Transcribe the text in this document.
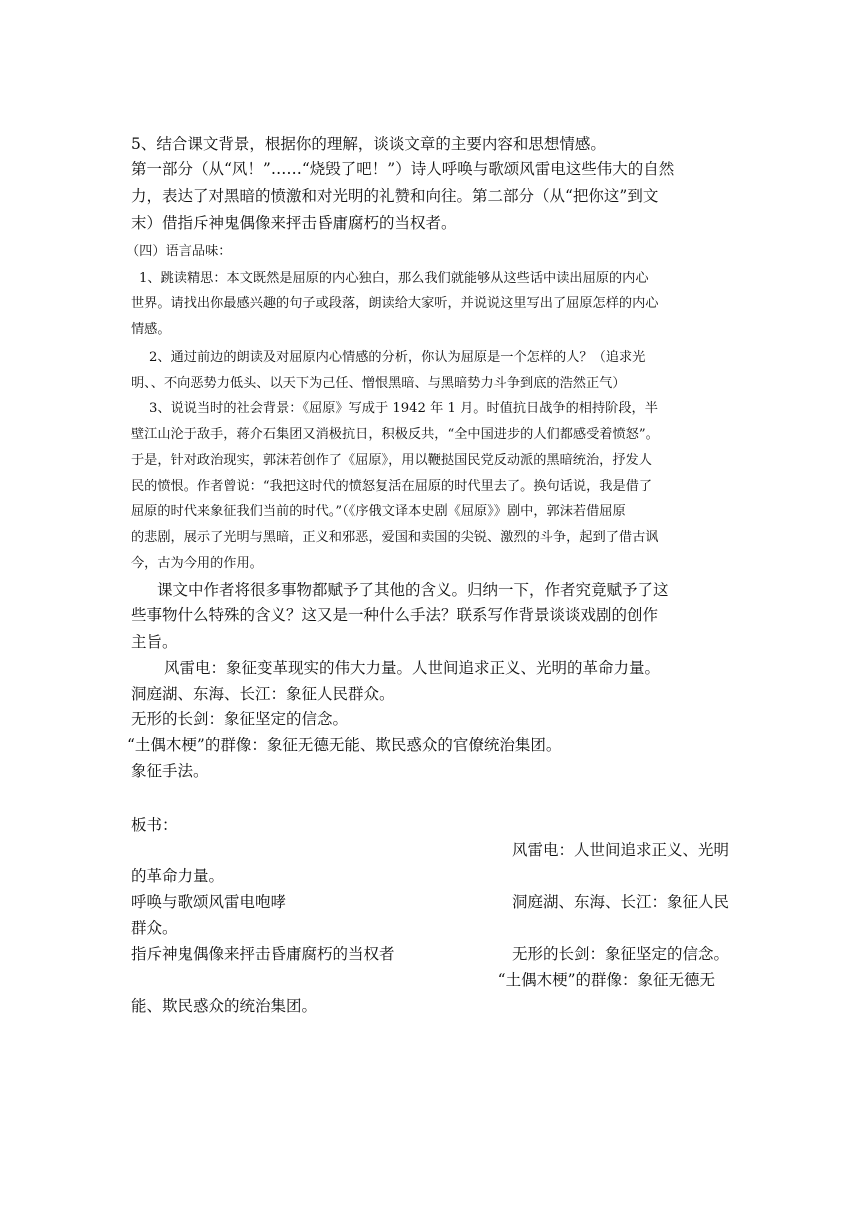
5、结合课文背景，根据你的理解，谈谈文章的主要内容和思想情感。

第一部分（从“风！”……“烧毁了吧！”）诗人呼唤与歌颂风雷电这些伟大的自然

力，表达了对黑暗的愤激和对光明的礼赞和向往。第二部分（从“把你这”到文

末）借指斥神鬼偶像来抨击昏庸腐朽的当权者。

（四）语言品味：

1、跳读精思：本文既然是屈原的内心独白，那么我们就能够从这些话中读出屈原的内心

世界。请找出你最感兴趣的句子或段落，朗读给大家听，并说说这里写出了屈原怎样的内心

情感。

2、通过前边的朗读及对屈原内心情感的分析，你认为屈原是一个怎样的人？（追求光

明、、不向恶势力低头、以天下为己任、憎恨黑暗、与黑暗势力斗争到底的浩然正气）

3、说说当时的社会背景：《屈原》写成于 1942 年 1 月。时值抗日战争的相持阶段，半

壁江山沦于敌手，蒋介石集团又消极抗日，积极反共，“全中国进步的人们都感受着愤怒”。

于是，针对政治现实，郭沫若创作了《屈原》，用以鞭挞国民党反动派的黑暗统治，抒发人

民的愤恨。作者曾说：“我把这时代的愤怒复活在屈原的时代里去了。换句话说，我是借了

屈原的时代来象征我们当前的时代。”（《序俄文译本史剧《屈原》》剧中，郭沫若借屈原

的悲剧，展示了光明与黑暗，正义和邪恶，爱国和卖国的尖锐、激烈的斗争，起到了借古讽

今，古为今用的作用。

课文中作者将很多事物都赋予了其他的含义。归纳一下，作者究竟赋予了这

些事物什么特殊的含义？这又是一种什么手法？联系写作背景谈谈戏剧的创作

主旨。

风雷电：象征变革现实的伟大力量。人世间追求正义、光明的革命力量。

洞庭湖、东海、长江：象征人民群众。

无形的长剑：象征坚定的信念。

“土偶木梗”的群像：象征无德无能、欺民惑众的官僚统治集团。

象征手法。

板书：

风雷电：人世间追求正义、光明

的革命力量。

呼唤与歌颂风雷电咆哮	洞庭湖、东海、长江：象征人民

群众。

指斥神鬼偶像来抨击昏庸腐朽的当权者	无形的长剑：象征坚定的信念。

“土偶木梗”的群像：象征无德无

能、欺民惑众的统治集团。
